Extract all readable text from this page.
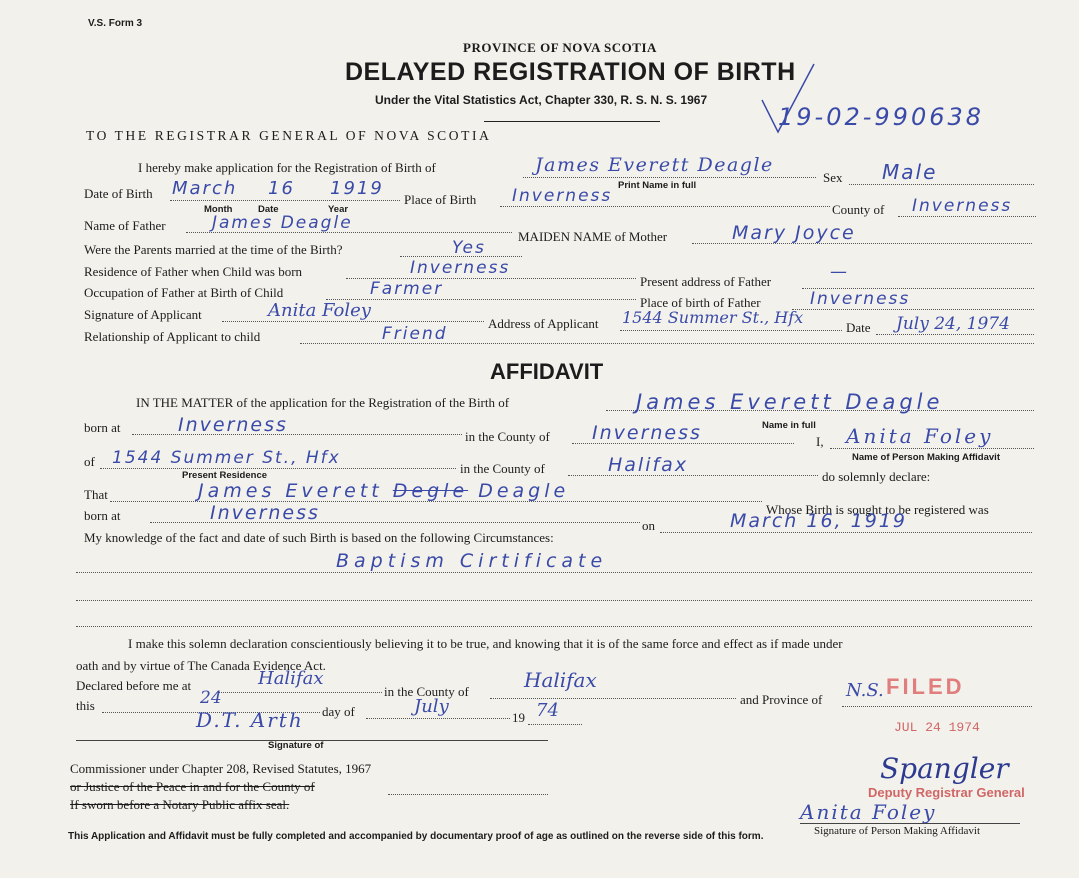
V.S. Form 3
PROVINCE OF NOVA SCOTIA
DELAYED REGISTRATION OF BIRTH
Under the Vital Statistics Act, Chapter 330, R. S. N. S. 1967
19-02-990638
TO THE REGISTRAR GENERAL OF NOVA SCOTIA
I hereby make application for the Registration of Birth of	James Everett Deagle
Print Name in full
Sex Male
Date of Birth March 16 1919
Month	Date	Year
Place of Birth Inverness
County of Inverness
Name of Father	James Deagle
MAIDEN NAME of Mother	Mary Joyce
Were the Parents married at the time of the Birth?	Yes
Residence of Father when Child was born	Inverness
Present address of Father	—
Occupation of Father at Birth of Child	Farmer
Place of birth of Father	Inverness
Signature of Applicant	Anita Foley
Address of Applicant 1544 Summer St., Hfx
Date July 24, 1974
Relationship of Applicant to child	Friend
AFFIDAVIT
IN THE MATTER of the application for the Registration of the Birth of	James Everett Deagle
Name in full
born at	Inverness
in the County of Inverness	I, Anita Foley
Name of Person Making Affidavit
of 1544 Summer St., Hfx
Present Residence	in the County of	Halifax
do solemnly declare:
That	James Everett Degle Deagle
Whose Birth is sought to be registered was
born at	Inverness
on	March 16, 1919
My knowledge of the fact and date of such Birth is based on the following Circumstances:
Baptism Cirtificate
I make this solemn declaration conscientiously believing it to be true, and knowing that it is of the same force and effect as if made under
oath and by virtue of The Canada Evidence Act.
Declared before me at	Halifax
in the County of	Halifax
and Province of N.S.
this	24
day of	July
19 74
D.T. Arth
Signature of
Commissioner under Chapter 208, Revised Statutes, 1967
or Justice of the Peace in and for the County of
If sworn before a Notary Public affix seal.	Anita Foley
Signature of Person Making Affidavit
FILED
JUL 24 1974
Spangler
Deputy Registrar General
This Application and Affidavit must be fully completed and accompanied by documentary proof of age as outlined on the reverse side of this form.
